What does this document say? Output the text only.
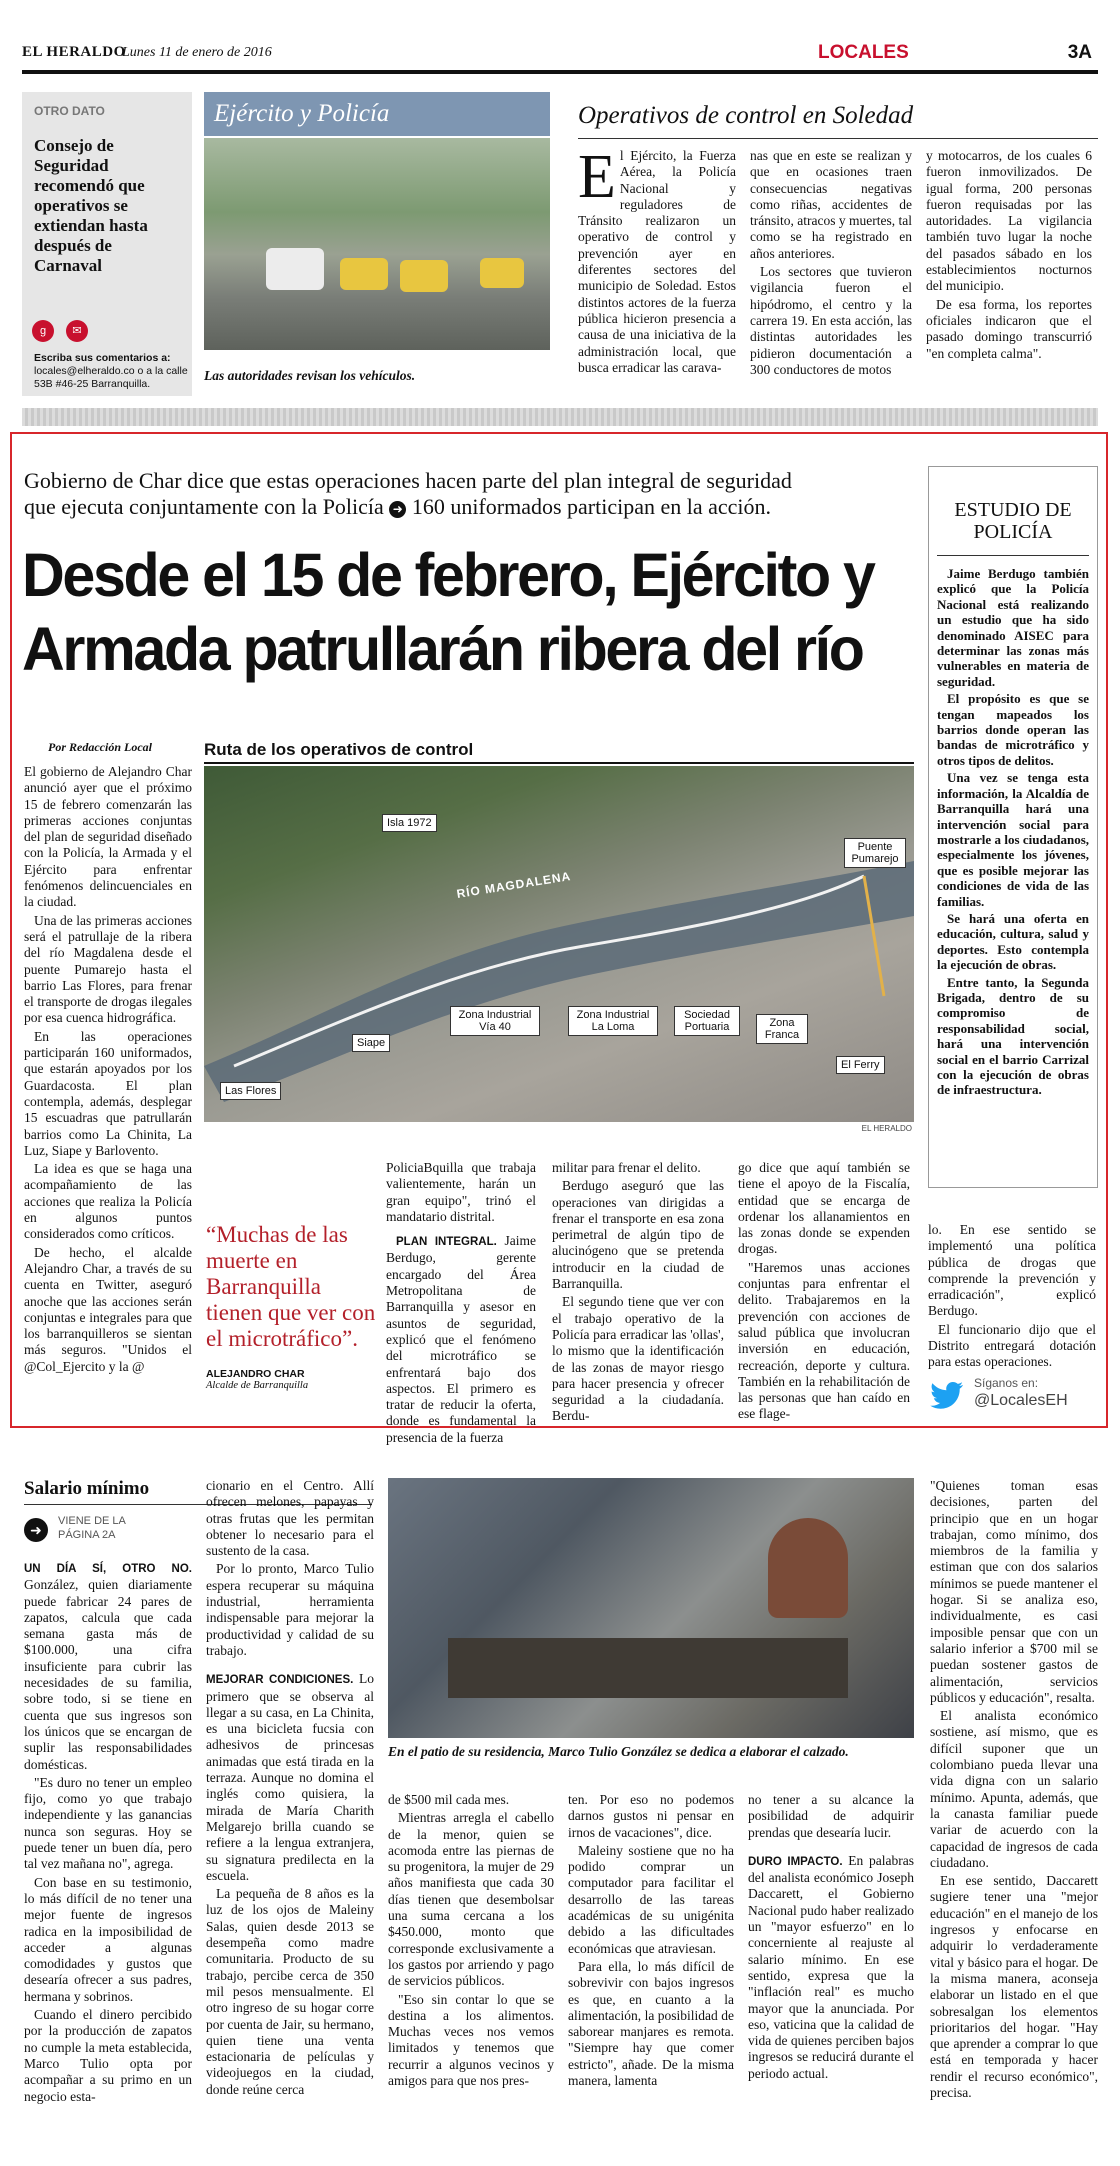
EL HERALDO
Lunes 11 de enero de 2016	LOCALES	3A
OTRO DATO
Consejo de Seguridad recomendó que operativos se extiendan hasta después de Carnaval
g ✉
Escriba sus comentarios a:
locales@elheraldo.co o a la calle 53B #46-25 Barranquilla.
Ejército y Policía
Las autoridades revisan los vehículos.
Operativos de control en Soledad
E l Ejército, la Fuerza Aérea, la Policía Nacional y reguladores de Tránsito realizaron un operativo de control y prevención ayer en diferentes sectores del municipio de Soledad. Estos distintos actores de la fuerza pública hicieron presencia a causa de una iniciativa de la administración local, que busca erradicar las carava-

nas que en este se realizan y que en ocasiones traen consecuencias negativas como riñas, accidentes de tránsito, atracos y muertes, tal como se ha registrado en años anteriores.

Los sectores que tuvieron vigilancia fueron el hipódromo, el centro y la carrera 19. En esta acción, las distintas autoridades les pidieron documentación a 300 conductores de motos

y motocarros, de los cuales 6 fueron inmovilizados. De igual forma, 200 personas fueron requisadas por las autoridades. La vigilancia también tuvo lugar la noche del pasados sábado en los establecimientos nocturnos del municipio.

De esa forma, los reportes oficiales indicaron que el pasado domingo transcurrió "en completa calma".

Gobierno de Char dice que estas operaciones hacen parte del plan integral de seguridad
que ejecuta conjuntamente con la Policía ➜ 160 uniformados participan en la acción.
Desde el 15 de febrero, Ejército y
Armada patrullarán ribera del río
Por Redacción Local	Ruta de los operativos de control
RÍO MAGDALENA
Isla 1972
Puente Pumarejo
Siape
Zona Industrial Vía 40
Zona Industrial La Loma
Sociedad Portuaria	Zona Franca
El Ferry
Las Flores
EL HERALDO

El gobierno de Alejandro Char anunció ayer que el próximo 15 de febrero comenzarán las primeras acciones conjuntas del plan de seguridad diseñado con la Policía, la Armada y el Ejército para enfrentar fenómenos delincuenciales en la ciudad.

Una de las primeras acciones será el patrullaje de la ribera del río Magdalena desde el puente Pumarejo hasta el barrio Las Flores, para frenar el transporte de drogas ilegales por esa cuenca hidrográfica.

En las operaciones participarán 160 uniformados, que estarán apoyados por los Guardacosta. El plan contempla, además, desplegar 15 escuadras que patrullarán barrios como La Chinita, La Luz, Siape y Barlovento.

La idea es que se haga una acompañamiento de las acciones que realiza la Policía en algunos puntos considerados como críticos.

De hecho, el alcalde Alejandro Char, a través de su cuenta en Twitter, aseguró anoche que las acciones serán conjuntas e integrales para que los barranquilleros se sientan más seguros. "Unidos el @Col_Ejercito y la @

“Muchas de las muerte en Barranquilla tienen que ver con el microtráfico”.
ALEJANDRO CHAR
Alcalde de Barranquilla

PoliciaBquilla que trabaja valientemente, harán un gran equipo", trinó el mandatario distrital.

PLAN INTEGRAL. Jaime Berdugo, gerente encargado del Área Metropolitana de Barranquilla y asesor en asuntos de seguridad, explicó que el fenómeno del microtráfico se enfrentará bajo dos aspectos. El primero es tratar de reducir la oferta, donde es fundamental la presencia de la fuerza

militar para frenar el delito.

Berdugo aseguró que las operaciones van dirigidas a frenar el transporte en esa zona perimetral de algún tipo de alucinógeno que se pretenda introducir en la ciudad de Barranquilla.

El segundo tiene que ver con el trabajo operativo de la Policía para erradicar las 'ollas', lo mismo que la identificación de las zonas de mayor riesgo para hacer presencia y ofrecer seguridad a la ciudadanía. Berdu-

go dice que aquí también se tiene el apoyo de la Fiscalía, entidad que se encarga de ordenar los allanamientos en las zonas donde se expenden drogas.

"Haremos unas acciones conjuntas para enfrentar el delito. Trabajaremos en la prevención con acciones de salud pública que involucran inversión en educación, recreación, deporte y cultura. También en la rehabilitación de las personas que han caído en ese flage-

ESTUDIO DE POLICÍA

Jaime Berdugo también explicó que la Policía Nacional está realizando un estudio que ha sido denominado AISEC para determinar las zonas más vulnerables en materia de seguridad.

El propósito es que se tengan mapeados los barrios donde operan las bandas de microtráfico y otros tipos de delitos.

Una vez se tenga esta información, la Alcaldía de Barranquilla hará una intervención social para mostrarle a los ciudadanos, especialmente los jóvenes, que es posible mejorar las condiciones de vida de las familias.

Se hará una oferta en educación, cultura, salud y deportes. Esto contempla la ejecución de obras.

Entre tanto, la Segunda Brigada, dentro de su compromiso de responsabilidad social, hará una intervención social en el barrio Carrizal con la ejecución de obras de infraestructura.

lo. En ese sentido se implementó una política pública de drogas que comprende la prevención y erradicación", explicó Berdugo.

El funcionario dijo que el Distrito entregará dotación para estas operaciones.

Síganos en:
@LocalesEH
Salario mínimo
➜
VIENE DE LA PÁGINA 2A

UN DÍA SÍ, OTRO NO. González, quien diariamente puede fabricar 24 pares de zapatos, calcula que cada semana gasta más de $100.000, una cifra insuficiente para cubrir las necesidades de su familia, sobre todo, si se tiene en cuenta que sus ingresos son los únicos que se encargan de suplir las responsabilidades domésticas.

"Es duro no tener un empleo fijo, como yo que trabajo independiente y las ganancias nunca son seguras. Hoy se puede tener un buen día, pero tal vez mañana no", agrega.

Con base en su testimonio, lo más difícil de no tener una mejor fuente de ingresos radica en la imposibilidad de acceder a algunas comodidades y gustos que desearía ofrecer a sus padres, hermana y sobrinos.

Cuando el dinero percibido por la producción de zapatos no cumple la meta establecida, Marco Tulio opta por acompañar a su primo en un negocio esta-

cionario en el Centro. Allí ofrecen melones, papayas y otras frutas que les permitan obtener lo necesario para el sustento de la casa.

Por lo pronto, Marco Tulio espera recuperar su máquina industrial, herramienta indispensable para mejorar la productividad y calidad de su trabajo.

MEJORAR CONDICIONES. Lo primero que se observa al llegar a su casa, en La Chinita, es una bicicleta fucsia con adhesivos de princesas animadas que está tirada en la terraza. Aunque no domina el inglés como quisiera, la mirada de María Charith Melgarejo brilla cuando se refiere a la lengua extranjera, su signatura predilecta en la escuela.

La pequeña de 8 años es la luz de los ojos de Maleiny Salas, quien desde 2013 se desempeña como madre comunitaria. Producto de su trabajo, percibe cerca de 350 mil pesos mensualmente. El otro ingreso de su hogar corre por cuenta de Jair, su hermano, quien tiene una venta estacionaria de películas y videojuegos en la ciudad, donde reúne cerca

En el patio de su residencia, Marco Tulio González se dedica a elaborar el calzado.

de $500 mil cada mes.

Mientras arregla el cabello de la menor, quien se acomoda entre las piernas de su progenitora, la mujer de 29 años manifiesta que cada 30 días tienen que desembolsar una suma cercana a los $450.000, monto que corresponde exclusivamente a los gastos por arriendo y pago de servicios públicos.

"Eso sin contar lo que se destina a los alimentos. Muchas veces nos vemos limitados y tenemos que recurrir a algunos vecinos y amigos para que nos pres-

ten. Por eso no podemos darnos gustos ni pensar en irnos de vacaciones", dice.

Maleiny sostiene que no ha podido comprar un computador para facilitar el desarrollo de las tareas académicas de su unigénita debido a las dificultades económicas que atraviesan.

Para ella, lo más difícil de sobrevivir con bajos ingresos es que, en cuanto a la alimentación, la posibilidad de saborear manjares es remota. "Siempre hay que comer estricto", añade. De la misma manera, lamenta

no tener a su alcance la posibilidad de adquirir prendas que desearía lucir.

DURO IMPACTO. En palabras del analista económico Joseph Daccarett, el Gobierno Nacional pudo haber realizado un "mayor esfuerzo" en lo concerniente al reajuste al salario mínimo. En ese sentido, expresa que la "inflación real" es mucho mayor que la anunciada. Por eso, vaticina que la calidad de vida de quienes perciben bajos ingresos se reducirá durante el periodo actual.

"Quienes toman esas decisiones, parten del principio que en un hogar trabajan, como mínimo, dos miembros de la familia y estiman que con dos salarios mínimos se puede mantener el hogar. Si se analiza eso, individualmente, es casi imposible pensar que con un salario inferior a $700 mil se puedan sostener gastos de alimentación, servicios públicos y educación", resalta.

El analista económico sostiene, así mismo, que es difícil suponer que un colombiano pueda llevar una vida digna con un salario mínimo. Apunta, además, que la canasta familiar puede variar de acuerdo con la capacidad de ingresos de cada ciudadano.

En ese sentido, Daccarett sugiere tener una "mejor educación" en el manejo de los ingresos y enfocarse en adquirir lo verdaderamente vital y básico para el hogar. De la misma manera, aconseja elaborar un listado en el que sobresalgan los elementos prioritarios del hogar. "Hay que aprender a comprar lo que está en temporada y hacer rendir el recurso económico", precisa.
